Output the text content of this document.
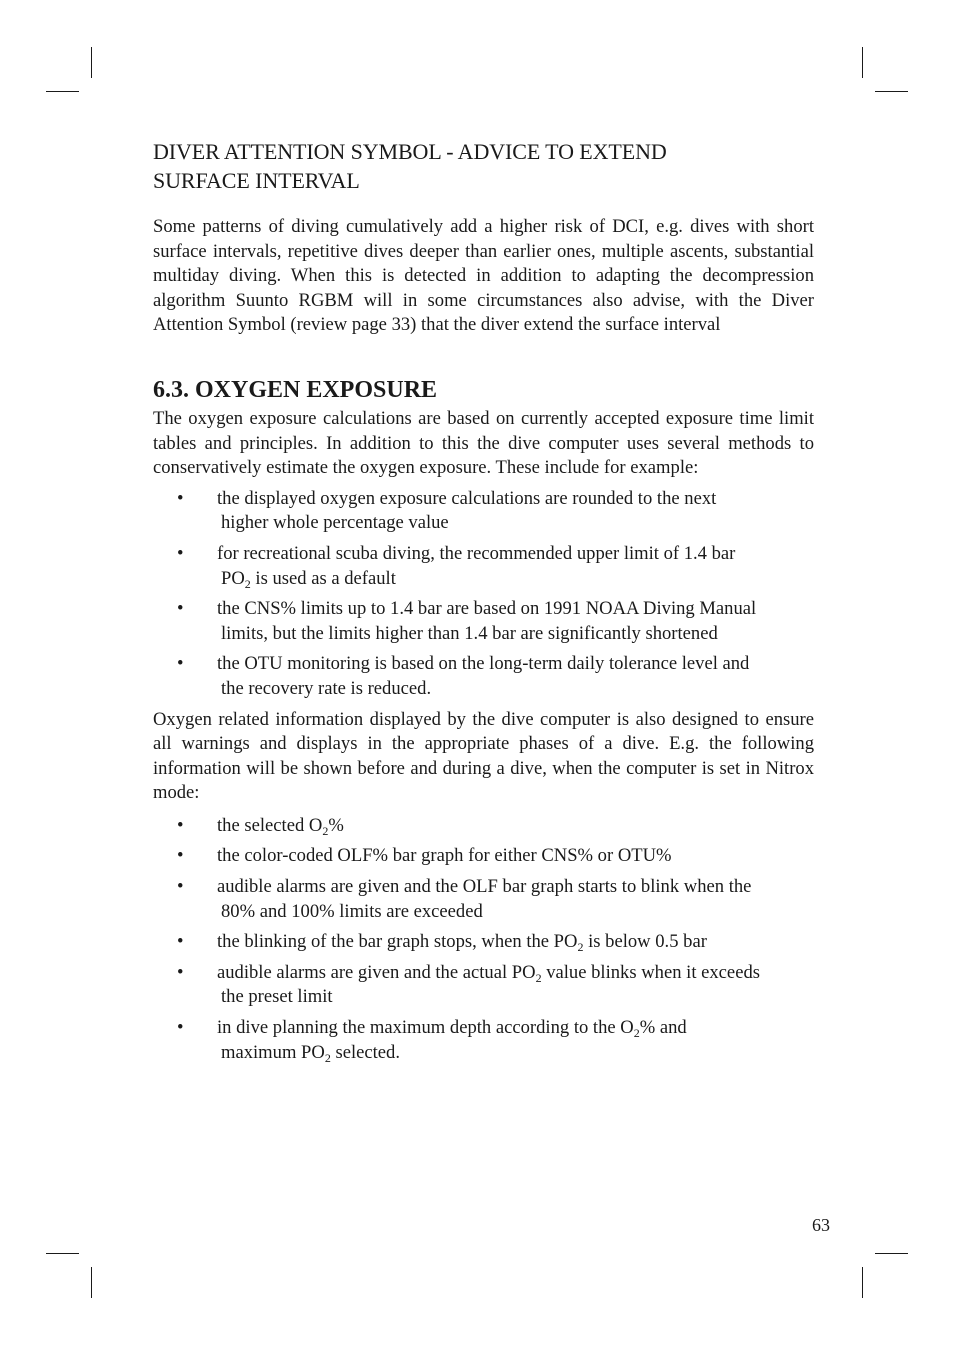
DIVER ATTENTION SYMBOL - ADVICE TO EXTEND
SURFACE INTERVAL

Some patterns of diving cumulatively add a higher risk of DCI, e.g. dives with short surface intervals, repetitive dives deeper than earlier ones, multiple ascents, substantial multiday diving. When this is detected in addition to adapting the decompression algorithm Suunto RGBM will in some circumstances also advise, with the Diver Attention Symbol (review page 33) that the diver extend the surface interval

6.3. OXYGEN EXPOSURE

The oxygen exposure calculations are based on currently accepted exposure time limit tables and principles. In addition to this the dive computer uses several methods to conservatively estimate the oxygen exposure. These include for example:

• the displayed oxygen exposure calculations are rounded to the next
higher whole percentage value
• for recreational scuba diving, the recommended upper limit of 1.4 bar
$PO_2$ is used as a default
• the CNS% limits up to 1.4 bar are based on 1991 NOAA Diving Manual
limits, but the limits higher than 1.4 bar are significantly shortened
• the OTU monitoring is based on the long-term daily tolerance level and
the recovery rate is reduced.

Oxygen related information displayed by the dive computer is also designed to ensure all warnings and displays in the appropriate phases of a dive. E.g. the following information will be shown before and during a dive, when the computer is set in Nitrox mode:

• the selected $O_2\%$
• the color-coded OLF% bar graph for either CNS% or OTU%
• audible alarms are given and the OLF bar graph starts to blink when the
80% and 100% limits are exceeded
• the blinking of the bar graph stops, when the $PO_2$ is below 0.5 bar
• audible alarms are given and the actual $PO_2$ value blinks when it exceeds
the preset limit
• in dive planning the maximum depth according to the $O_2\%$ and
maximum $PO_2$ selected.
63
